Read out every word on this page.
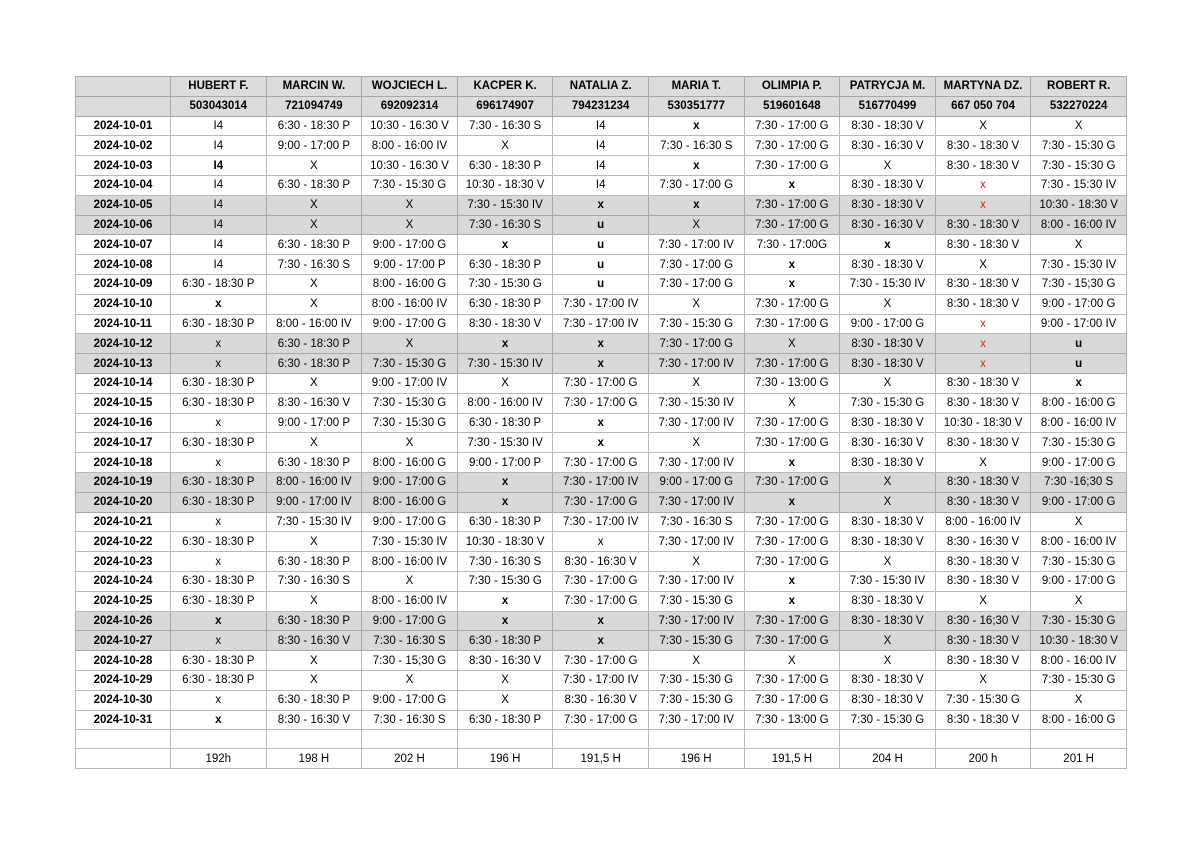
	HUBERT F.	MARCIN W.	WOJCIECH L.	KACPER K.	NATALIA Z.	MARIA T.	OLIMPIA P.	PATRYCJA M.	MARTYNA DZ.	ROBERT R.
	503043014	721094749	692092314	696174907	794231234	530351777	519601648	516770499	667 050 704	532270224
2024-10-01	I4	6:30 - 18:30 P	10:30 - 16:30 V	7:30 - 16:30 S	I4	x	7:30 - 17:00 G	8:30 - 18:30 V	X	X
2024-10-02	I4	9:00 - 17:00 P	8:00 - 16:00 IV	X	I4	7:30 - 16:30 S	7:30 - 17:00 G	8:30 - 16:30 V	8:30 - 18:30 V	7:30 - 15:30 G
2024-10-03	I4	X	10:30 - 16:30 V	6:30 - 18:30 P	I4	x	7:30 - 17:00 G	X	8:30 - 18:30 V	7:30 - 15:30 G
2024-10-04	I4	6:30 - 18:30 P	7:30 - 15:30 G	10:30 - 18:30 V	I4	7:30 - 17:00 G	x	8:30 - 18:30 V	x	7:30 - 15:30 IV
2024-10-05	I4	X	X	7:30 - 15:30 IV	x	x	7:30 - 17:00 G	8:30 - 18:30 V	x	10:30 - 18:30 V
2024-10-06	I4	X	X	7:30 - 16:30 S	u	X	7:30 - 17:00 G	8:30 - 16:30 V	8:30 - 18:30 V	8:00 - 16:00 IV
2024-10-07	I4	6:30 - 18:30 P	9:00 - 17:00 G	x	u	7:30 - 17:00 IV	7:30 - 17:00G	x	8:30 - 18:30 V	X
2024-10-08	I4	7:30 - 16:30 S	9:00 - 17:00 P	6:30 - 18:30 P	u	7:30 - 17:00 G	x	8:30 - 18:30 V	X	7:30 - 15:30 IV
2024-10-09	6:30 - 18:30 P	X	8:00 - 16:00 G	7:30 - 15:30 G	u	7:30 - 17:00 G	x	7:30 - 15:30 IV	8:30 - 18:30 V	7:30 - 15;30 G
2024-10-10	x	X	8:00 - 16:00 IV	6:30 - 18:30 P	7:30 - 17:00 IV	X	7:30 - 17:00 G	X	8:30 - 18:30 V	9:00 - 17:00 G
2024-10-11	6:30 - 18:30 P	8:00 - 16:00 IV	9:00 - 17:00 G	8:30 - 18:30 V	7:30 - 17:00 IV	7:30 - 15:30 G	7:30 - 17:00 G	9:00 - 17:00 G	x	9:00 - 17:00 IV
2024-10-12	x	6:30 - 18:30 P	X	x	x	7:30 - 17:00 G	X	8:30 - 18:30 V	x	u
2024-10-13	x	6:30 - 18:30 P	7:30 - 15:30 G	7:30 - 15:30 IV	x	7:30 - 17:00 IV	7:30 - 17:00 G	8:30 - 18:30 V	x	u
2024-10-14	6:30 - 18:30 P	X	9:00 - 17:00 IV	X	7:30 - 17:00 G	X	7:30 - 13:00 G	X	8:30 - 18:30 V	x
2024-10-15	6:30 - 18:30 P	8:30 - 16:30 V	7:30 - 15:30 G	8:00 - 16:00 IV	7:30 - 17:00 G	7:30 - 15:30 IV	X	7:30 - 15:30 G	8:30 - 18:30 V	8:00 - 16:00 G
2024-10-16	x	9:00 - 17:00 P	7:30 - 15:30 G	6:30 - 18:30 P	x	7:30 - 17:00 IV	7:30 - 17:00 G	8:30 - 18:30 V	10:30 - 18:30 V	8:00 - 16:00 IV
2024-10-17	6:30 - 18:30 P	X	X	7:30 - 15:30 IV	x	X	7:30 - 17:00 G	8:30 - 16:30 V	8:30 - 18:30 V	7:30 - 15:30 G
2024-10-18	x	6:30 - 18:30 P	8:00 - 16:00 G	9:00 - 17:00 P	7:30 - 17:00 G	7:30 - 17:00 IV	x	8:30 - 18:30 V	X	9:00 - 17:00 G
2024-10-19	6:30 - 18:30 P	8:00 - 16:00 IV	9:00 - 17:00 G	x	7:30 - 17:00 IV	9:00 - 17:00 G	7:30 - 17:00 G	X	8:30 - 18:30 V	7:30 -16;30 S
2024-10-20	6:30 - 18:30 P	9:00 - 17:00 IV	8:00 - 16:00 G	x	7:30 - 17:00 G	7:30 - 17:00 IV	x	X	8:30 - 18:30 V	9:00 - 17:00 G
2024-10-21	x	7:30 - 15:30 IV	9:00 - 17:00 G	6:30 - 18:30 P	7:30 - 17:00 IV	7:30 - 16:30 S	7:30 - 17:00 G	8:30 - 18:30 V	8:00 - 16:00 IV	X
2024-10-22	6:30 - 18:30 P	X	7:30 - 15:30 IV	10:30 - 18:30 V	x	7:30 - 17:00 IV	7:30 - 17:00 G	8:30 - 18:30 V	8:30 - 16:30 V	8:00 - 16:00 IV
2024-10-23	x	6:30 - 18:30 P	8:00 - 16:00 IV	7:30 - 16:30 S	8:30 - 16:30 V	X	7:30 - 17:00 G	X	8:30 - 18:30 V	7:30 - 15:30 G
2024-10-24	6:30 - 18:30 P	7:30 - 16:30 S	X	7:30 - 15:30 G	7:30 - 17:00 G	7:30 - 17:00 IV	x	7:30 - 15:30 IV	8:30 - 18:30 V	9:00 - 17:00 G
2024-10-25	6:30 - 18:30 P	X	8:00 - 16:00 IV	x	7:30 - 17:00 G	7:30 - 15:30 G	x	8:30 - 18:30 V	X	X
2024-10-26	x	6:30 - 18:30 P	9:00 - 17:00 G	x	x	7:30 - 17:00 IV	7:30 - 17:00 G	8:30 - 18:30 V	8:30 - 16;30 V	7:30 - 15:30 G
2024-10-27	x	8:30 - 16:30 V	7:30 - 16:30 S	6:30 - 18:30 P	x	7:30 - 15:30 G	7:30 - 17:00 G	X	8:30 - 18:30 V	10:30 - 18:30 V
2024-10-28	6:30 - 18:30 P	X	7:30 - 15;30 G	8:30 - 16:30 V	7:30 - 17:00 G	X	X	X	8:30 - 18:30 V	8:00 - 16:00 IV
2024-10-29	6:30 - 18:30 P	X	X	X	7:30 - 17:00 IV	7:30 - 15:30 G	7:30 - 17:00 G	8:30 - 18:30 V	X	7:30 - 15:30 G
2024-10-30	x	6:30 - 18:30 P	9:00 - 17:00 G	X	8:30 - 16:30 V	7:30 - 15:30 G	7:30 - 17:00 G	8:30 - 18:30 V	7:30 - 15:30 G	X
2024-10-31	x	8:30 - 16:30 V	7:30 - 16:30 S	6:30 - 18:30 P	7:30 - 17:00 G	7:30 - 17:00 IV	7:30 - 13:00 G	7:30 - 15:30 G	8:30 - 18:30 V	8:00 - 16:00 G

	192h	198 H	202 H	196 H	191,5 H	196 H	191,5 H	204 H	200 h	201 H
